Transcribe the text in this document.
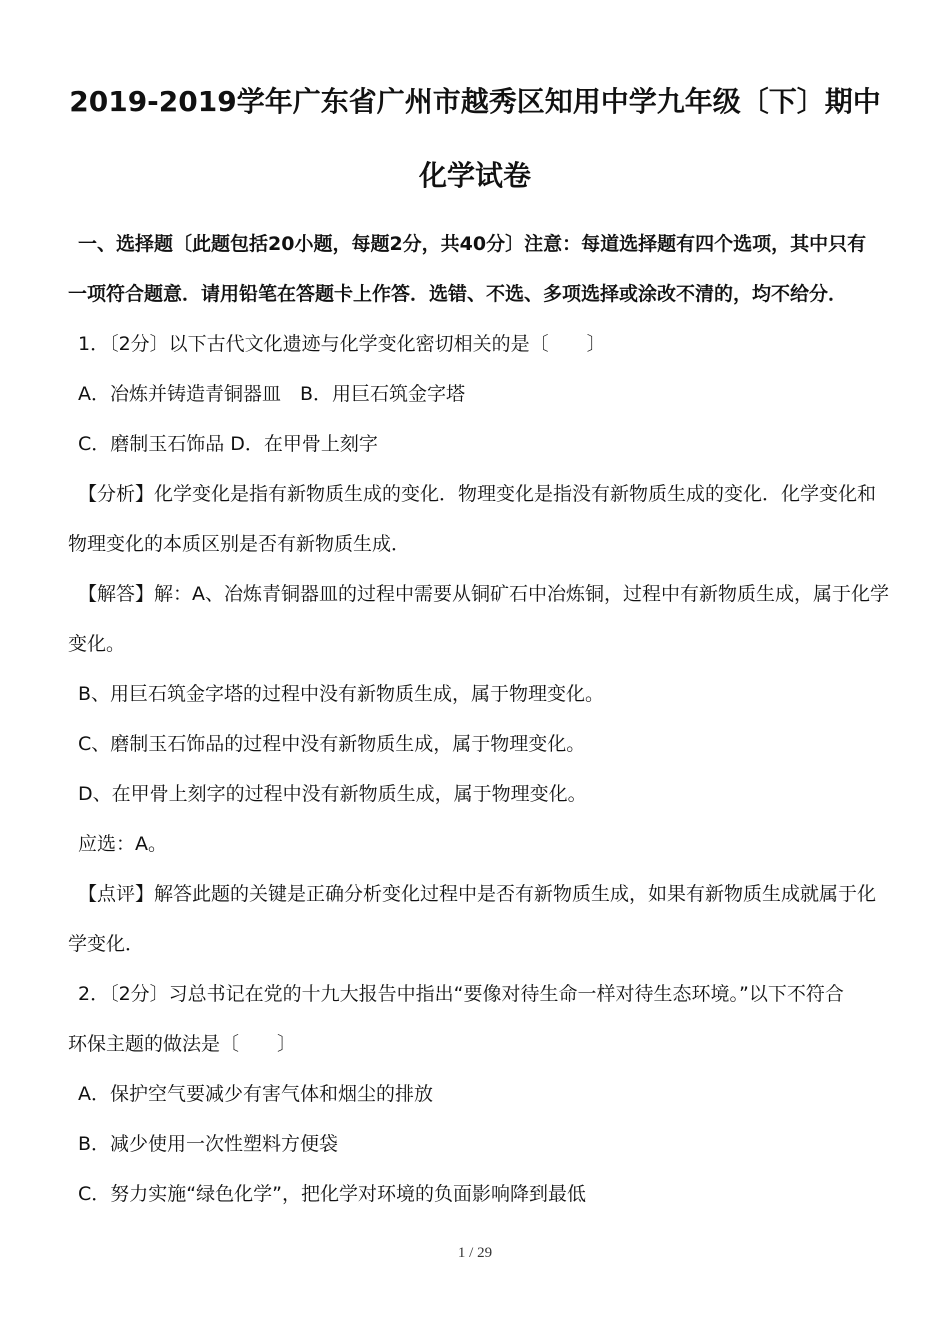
2019-2019学年广东省广州市越秀区知用中学九年级〔下〕期中
化学试卷
一、选择题〔此题包括20小题，每题2分，共40分〕注意：每道选择题有四个选项，其中只有
一项符合题意．请用铅笔在答题卡上作答．选错、不选、多项选择或涂改不清的，均不给分．
1．〔2分〕以下古代文化遗迹与化学变化密切相关的是〔　　〕
A．冶炼并铸造青铜器皿　B．用巨石筑金字塔
C．磨制玉石饰品 D．在甲骨上刻字
【分析】化学变化是指有新物质生成的变化．物理变化是指没有新物质生成的变化．化学变化和
物理变化的本质区别是否有新物质生成．
【解答】解：A、冶炼青铜器皿的过程中需要从铜矿石中冶炼铜，过程中有新物质生成，属于化学
变化。
B、用巨石筑金字塔的过程中没有新物质生成，属于物理变化。
C、磨制玉石饰品的过程中没有新物质生成，属于物理变化。
D、在甲骨上刻字的过程中没有新物质生成，属于物理变化。
应选：A。
【点评】解答此题的关键是正确分析变化过程中是否有新物质生成，如果有新物质生成就属于化
学变化．
2．〔2分〕习总书记在党的十九大报告中指出“要像对待生命一样对待生态环境。”以下不符合
环保主题的做法是〔　　〕
A．保护空气要减少有害气体和烟尘的排放
B．减少使用一次性塑料方便袋
C．努力实施“绿色化学”，把化学对环境的负面影响降到最低
1 / 29
